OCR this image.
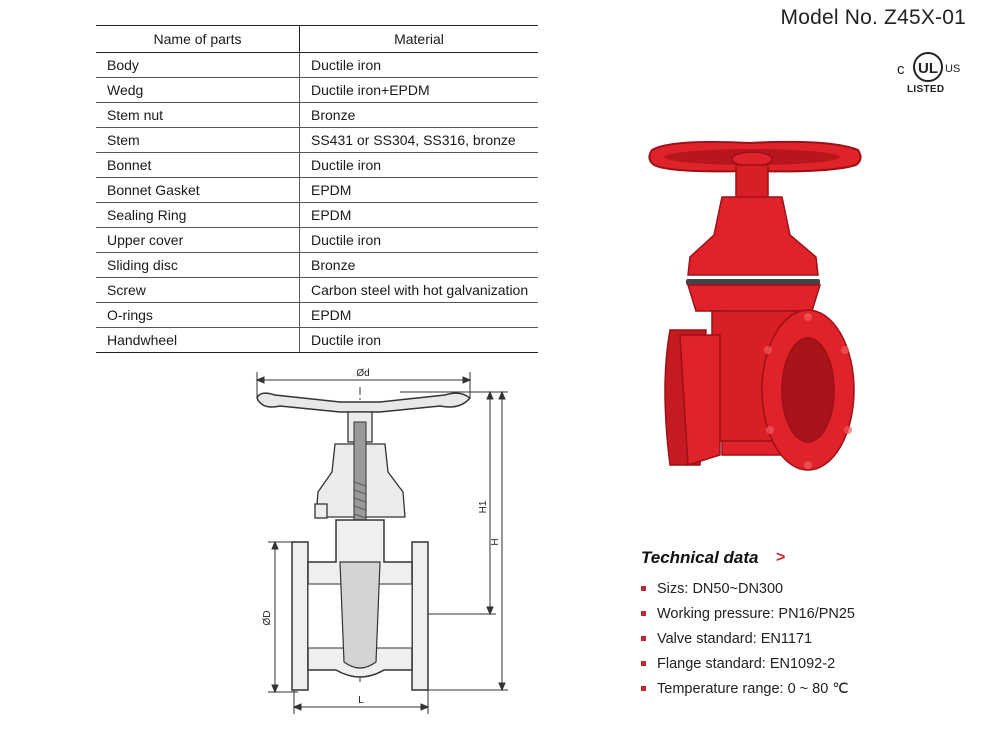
Model No. Z45X-01
c UL US
LISTED
Name of parts	Material
Body	Ductile iron
Wedg	Ductile iron+EPDM
Stem nut	Bronze
Stem	SS431 or SS304, SS316, bronze
Bonnet	Ductile iron
Bonnet Gasket	EPDM
Sealing Ring	EPDM
Upper cover	Ductile iron
Sliding disc	Bronze
Screw	Carbon steel with hot galvanization
O-rings	EPDM
Handwheel	Ductile iron
Ød
H1
H
ØD
L
Technical data >
Sizs: DN50~DN300
Working pressure: PN16/PN25
Valve standard: EN1171
Flange standard: EN1092-2
Temperature range: 0 ~ 80 ℃
